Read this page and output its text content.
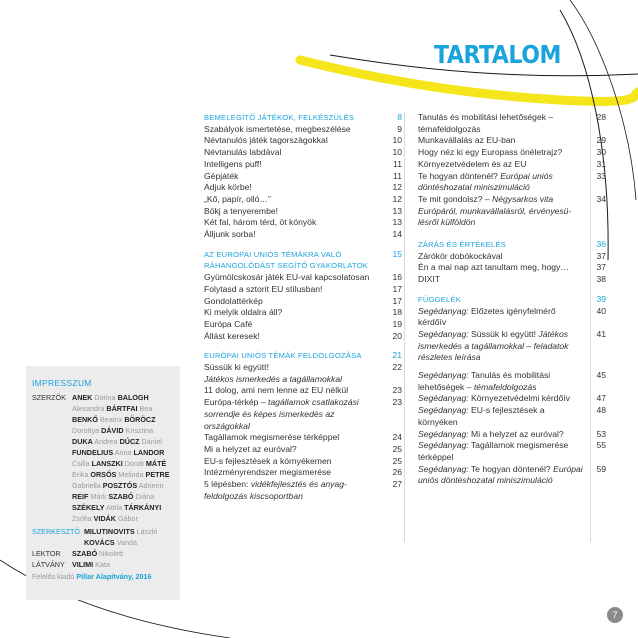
TARTALOM
BEMELEGÍTŐ JÁTÉKOK, FELKÉSZÜLÉS	8
Szabályok ismertetése, megbeszélése	9
Névtanulós játék tagorszàgokkal	10
Névtanulás labdával	10
Intelligens puff!	11
Gépjáték	11
Adjuk körbe!	12
„Kő, papír, olló…”	12
Bökj a tenyerembe!	13
Két fal, három térd, öt könyök	13
Álljunk sorba!	14
AZ EURÓPAI UNIÓS TÉMÁKRA VALÓ RÁHANGOLÓDÁST SEGÍTŐ GYAKORLATOK
15
Gyümölcskosár játék EU-val kapcsolatosan	16
Folytasd a sztorit EU stílusban!	17
Gondolattérkép	17
Ki melyik oldalra áll?	18
Európa Café	19
Állást keresek!	20
EURÓPAI UNIÓS TÉMÁK FELDOLGOZÁSA	21
Süssük ki együtt!	22
Játékos ismerkedés a tagállamokkal
11 dolog, ami nem lenne az EU nélkül	23
Európa-térkép – tagállamok csatlakozási sorrendje és képes ismerkedés az országokkal
23
Tagállamok megismerése térképpel	24
Mi a helyzet az euróval?	25
EU-s fejlesztések a környékemen	25
Intézményrendszer megismerése	26
5 lépésben: vidékfejlesztés és anyag-feldolgozás kiscsoportban
27
Tanulás és mobilitási lehetőségek – témafeldolgozás
28
Munkavállalás az EU-ban	29
Hogy néz ki egy Europass önéletrajz?	30
Környezetvédelem és az EU	31
Te hogyan döntenél? Európai uniós döntéshozatal miniszimuláció
33
Te mit gondolsz? – Négysarkos vita Európáról, munkavállalásról, érvényesü-lésről külföldön
34
ZÁRÁS ÉS ÉRTÉKELÉS	36
Zárókör dobókockával	37
Én a mai nap azt tanultam meg, hogy…	37
DIXIT	38
FÜGGELÉK	39
Segédanyag: Előzetes igényfelmérő kérdőív
40
Segédanyag: Süssük ki együtt! Játékos ismerkedés a tagállamokkal – feladatok részletes leírása
41
Segédanyag: Tanulás és mobilitási lehetőségek – témafeldolgozás
45
Segédanyag: Környezetvédelmi kérdőív	47
Segédanyag: EU-s fejlesztések a környéken
48
Segédanyag: Mi a helyzet az euróval?	53
Segédanyag: Tagállamok megismerése térképpel
55
Segédanyag: Te hogyan döntenél? Európai uniós döntéshozatal miniszimuláció
59
IMPRESSZUM
SZERZŐK ANEK Dorina BALOGH Alexandra BÁRTFAI Bea BENKŐ Beatrix BÖRÖCZ Dorottya DÁVID Krisztina DUKA Andrea DÚCZ Dániel FUNDELIUS Anna LANDOR Csilla LANSZKI Donát MÁTÉ Erika ORSÓS Melinda PETRE Gabriella POSZTÓS Adrienn REIF Márk SZABÓ Diána SZÉKELY Attila TÁRKÁNYI Zsófia VIDÁK Gábor
SZERKESZTŐ MILUTINOVITS László KOVÁCS Vanda
LEKTOR	SZABÓ Nikolett
LÁTVÁNY	VILIMI Kata
Felelős kiadó Pillar Alapítvány, 2016
7
